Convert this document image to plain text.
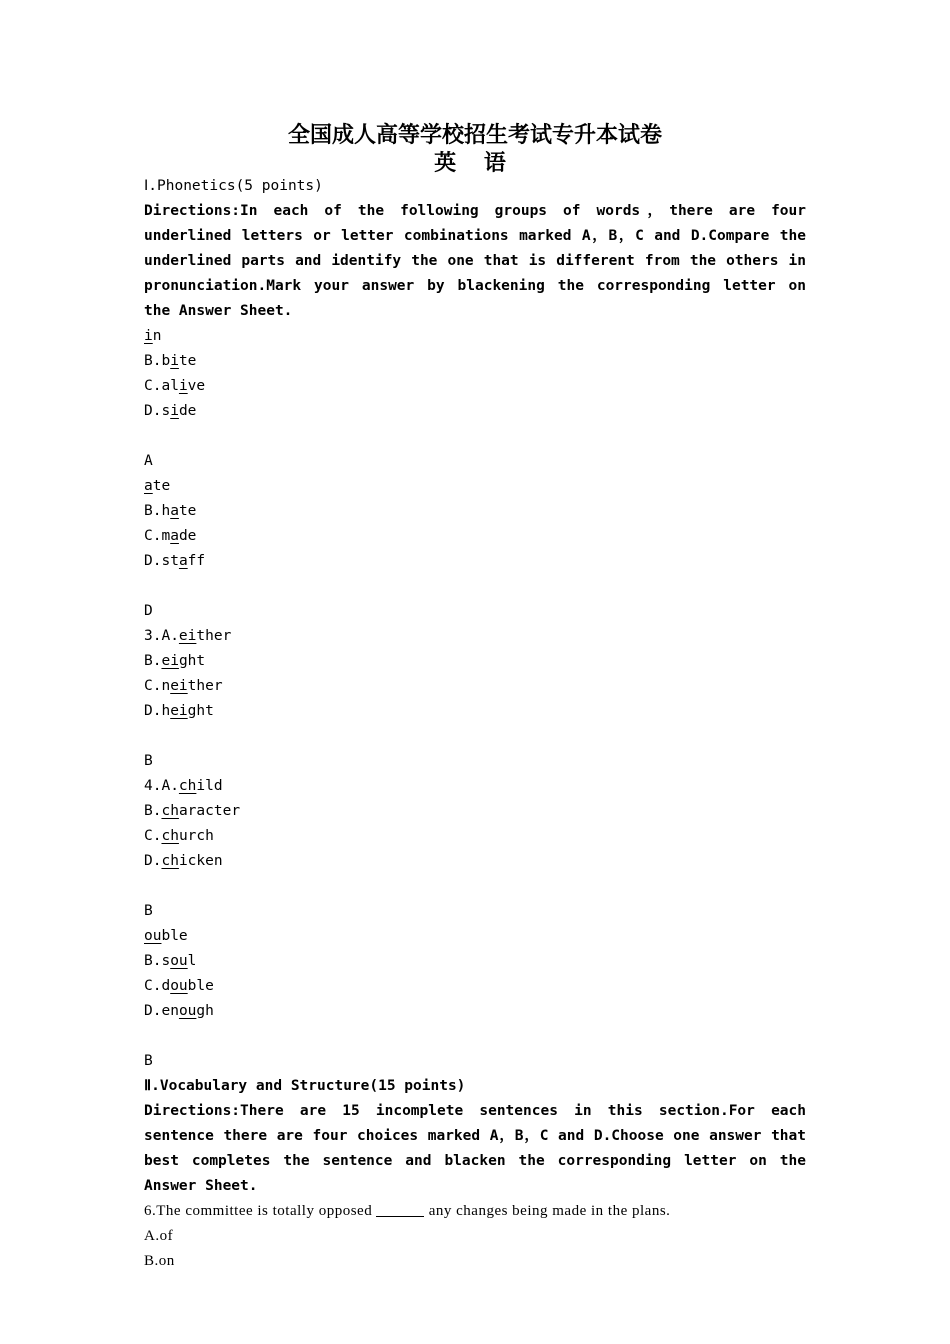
全国成人高等学校招生考试专升本试卷
英 语
Ⅰ.Phonetics(5 points)
Directions:In each of the following groups of words，there are four underlined letters or letter combinations marked A，B，C and D.Compare the underlined parts and identify the one that is different from the others in pronunciation.Mark your answer by blackening the corresponding letter on the Answer Sheet.
in
B.bite
C.alive
D.side
A
ate
B.hate
C.made
D.staff
D
3.A.either
B.eight
C.neither
D.height
B
4.A.child
B.character
C.church
D.chicken
B
ouble
B.soul
C.double
D.enough
B
Ⅱ.Vocabulary and Structure(15 points)
Directions:There are 15 incomplete sentences in this section.For each sentence there are four choices marked A，B，C and D.Choose one answer that best completes the sentence and blacken the corresponding letter on the Answer Sheet.
6.The committee is totally opposed	any changes being made in the plans.
A.of
B.on
